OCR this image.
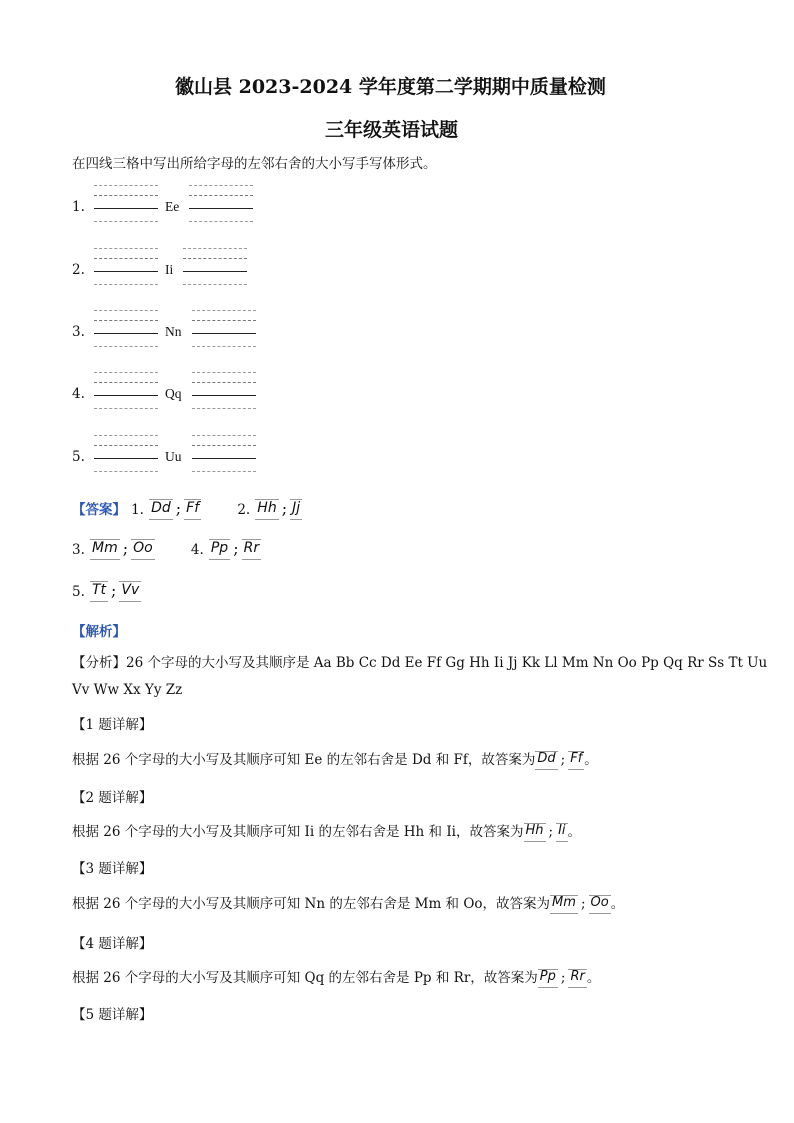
徽山县 2023-2024 学年度第二学期期中质量检测
三年级英语试题
在四线三格中写出所给字母的左邻右舍的大小写手写体形式。
1.	Ee
2.	Ii
3.	Nn
4.	Qq
5.	Uu
【答案】 1. Dd ; Ff	2. Hh ; Jj
3. Mm ; Oo	4. Pp ; Rr
5. Tt ; Vv
【解析】
【分析】26 个字母的大小写及其顺序是 Aa Bb Cc Dd Ee Ff Gg Hh Ii Jj Kk Ll Mm Nn Oo Pp Qq Rr Ss Tt Uu
Vv Ww Xx Yy Zz
【1 题详解】
根据 26 个字母的大小写及其顺序可知 Ee 的左邻右舍是 Dd 和 Ff，故答案为 Dd ; Ff 。
【2 题详解】
根据 26 个字母的大小写及其顺序可知 Ii 的左邻右舍是 Hh 和 Ii，故答案为 Hh ; Ii 。
【3 题详解】
根据 26 个字母的大小写及其顺序可知 Nn 的左邻右舍是 Mm 和 Oo，故答案为 Mm ; Oo 。
【4 题详解】
根据 26 个字母的大小写及其顺序可知 Qq 的左邻右舍是 Pp 和 Rr，故答案为 Pp ; Rr 。
【5 题详解】
